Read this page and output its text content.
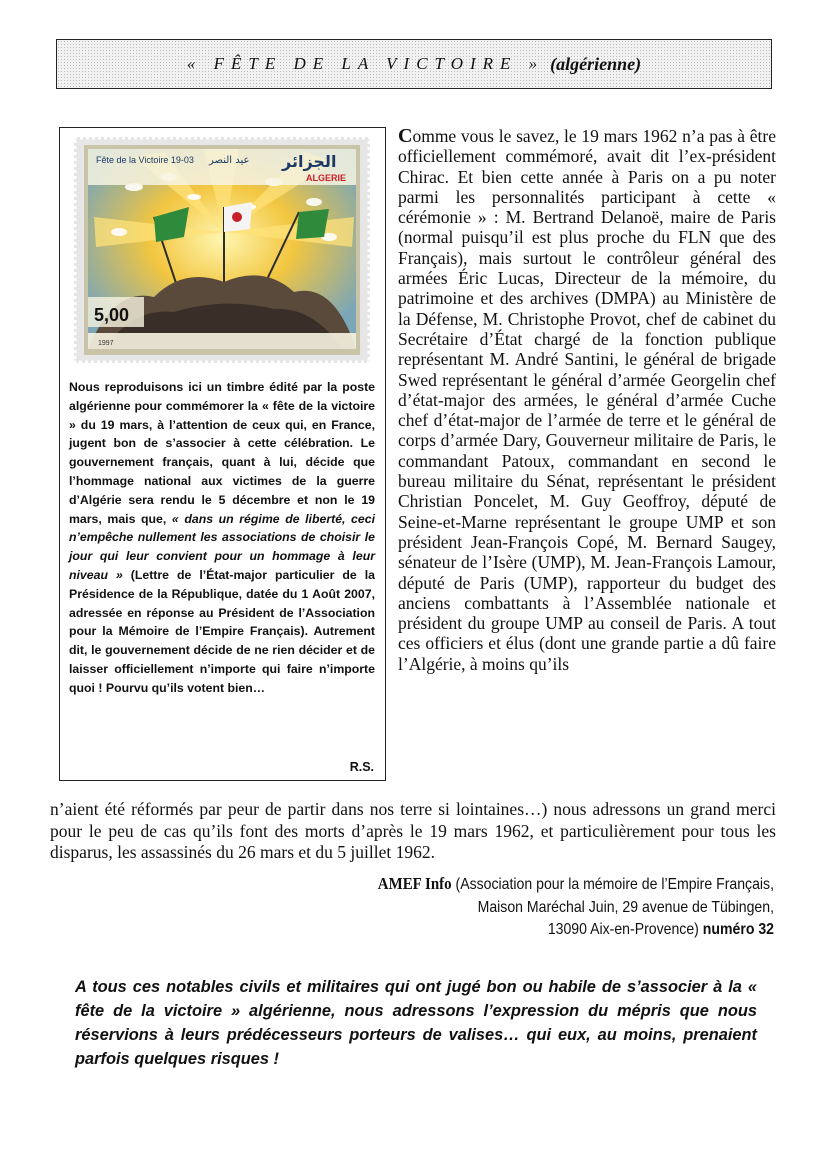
« FÊTE DE LA VICTOIRE » (algérienne)
Fête de la Victoire 19-03 عيد النصر الجزائر
ALGERIE
5,00
1997

Nous reproduisons ici un timbre édité par la poste algérienne pour commémorer la « fête de la victoire » du 19 mars, à l’attention de ceux qui, en France, jugent bon de s’associer à cette célébration. Le gouvernement français, quant à lui, décide que l’hommage national aux victimes de la guerre d’Algérie sera rendu le 5 décembre et non le 19 mars, mais que, « dans un régime de liberté, ceci n’empêche nullement les associations de choisir le jour qui leur convient pour un hommage à leur niveau » (Lettre de l’État-major particulier de la Présidence de la République, datée du 1 Août 2007, adressée en réponse au Président de l’Association pour la Mémoire de l’Empire Français). Autrement dit, le gouvernement décide de ne rien décider et de laisser officiellement n’importe qui faire n’importe quoi ! Pourvu qu’ils votent bien…

R.S.

Comme vous le savez, le 19 mars 1962 n’a pas à être officiellement commémoré, avait dit l’ex-président Chirac. Et bien cette année à Paris on a pu noter parmi les personnalités participant à cette « cérémonie » : M. Bertrand Delanoë, maire de Paris (normal puisqu’il est plus proche du FLN que des Français), mais surtout le contrôleur général des armées Éric Lucas, Directeur de la mémoire, du patrimoine et des archives (DMPA) au Ministère de la Défense, M. Christophe Provot, chef de cabinet du Secrétaire d’État chargé de la fonction publique représentant M. André Santini, le général de brigade Swed représentant le général d’armée Georgelin chef d’état-major des armées, le général d’armée Cuche chef d’état-major de l’armée de terre et le général de corps d’armée Dary, Gouverneur militaire de Paris, le commandant Patoux, commandant en second le bureau militaire du Sénat, représentant le président Christian Poncelet, M. Guy Geoffroy, député de Seine-et-Marne représentant le groupe UMP et son président Jean-François Copé, M. Bernard Saugey, sénateur de l’Isère (UMP), M. Jean-François Lamour, député de Paris (UMP), rapporteur du budget des anciens combattants à l’Assemblée nationale et président du groupe UMP au conseil de Paris. A tout ces officiers et élus (dont une grande partie a dû faire l’Algérie, à moins qu’ils

n’aient été réformés par peur de partir dans nos terre si lointaines…) nous adressons un grand merci pour le peu de cas qu’ils font des morts d’après le 19 mars 1962, et particulièrement pour tous les disparus, les assassinés du 26 mars et du 5 juillet 1962.

AMEF Info (Association pour la mémoire de l’Empire Français,
Maison Maréchal Juin, 29 avenue de Tübingen,
13090 Aix-en-Provence) numéro 32

A tous ces notables civils et militaires qui ont jugé bon ou habile de s’associer à la « fête de la victoire » algérienne, nous adressons l’expression du mépris que nous réservions à leurs prédécesseurs porteurs de valises… qui eux, au moins, prenaient parfois quelques risques !
